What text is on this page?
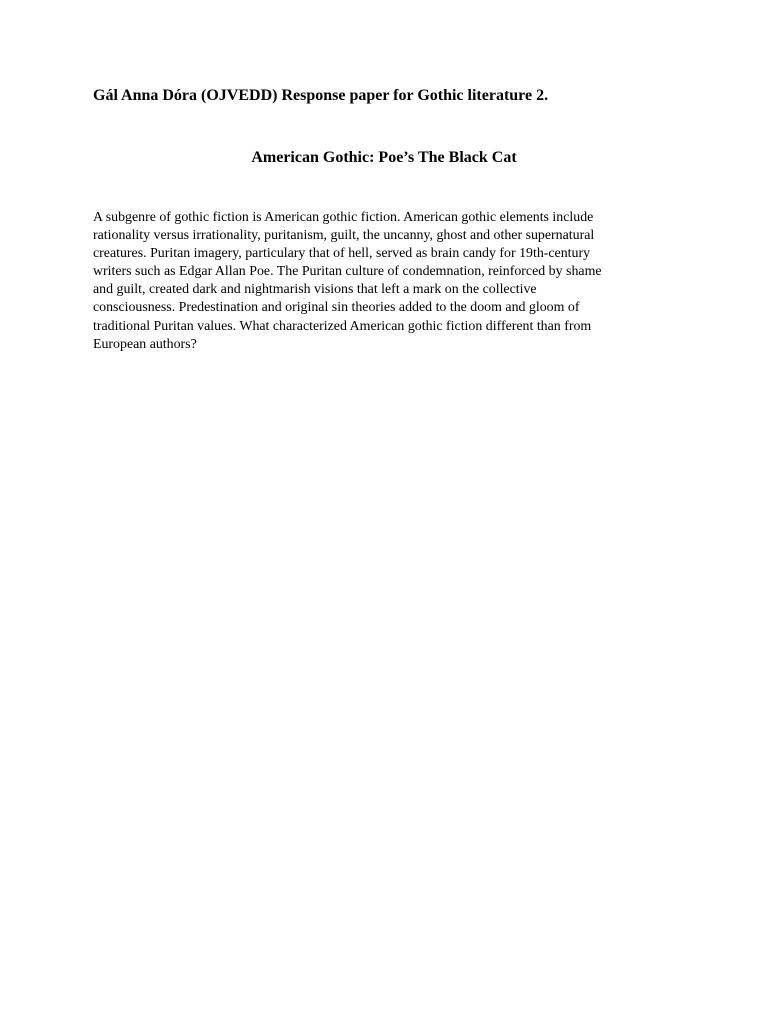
Gál Anna Dóra (OJVEDD) Response paper for Gothic literature 2.
American Gothic: Poe’s The Black Cat
A subgenre of gothic fiction is American gothic fiction. American gothic elements include
rationality versus irrationality, puritanism, guilt, the uncanny, ghost and other supernatural
creatures. Puritan imagery, particulary that of hell, served as brain candy for 19th-century
writers such as Edgar Allan Poe. The Puritan culture of condemnation, reinforced by shame
and guilt, created dark and nightmarish visions that left a mark on the collective
consciousness. Predestination and original sin theories added to the doom and gloom of
traditional Puritan values. What characterized American gothic fiction different than from
European authors?
